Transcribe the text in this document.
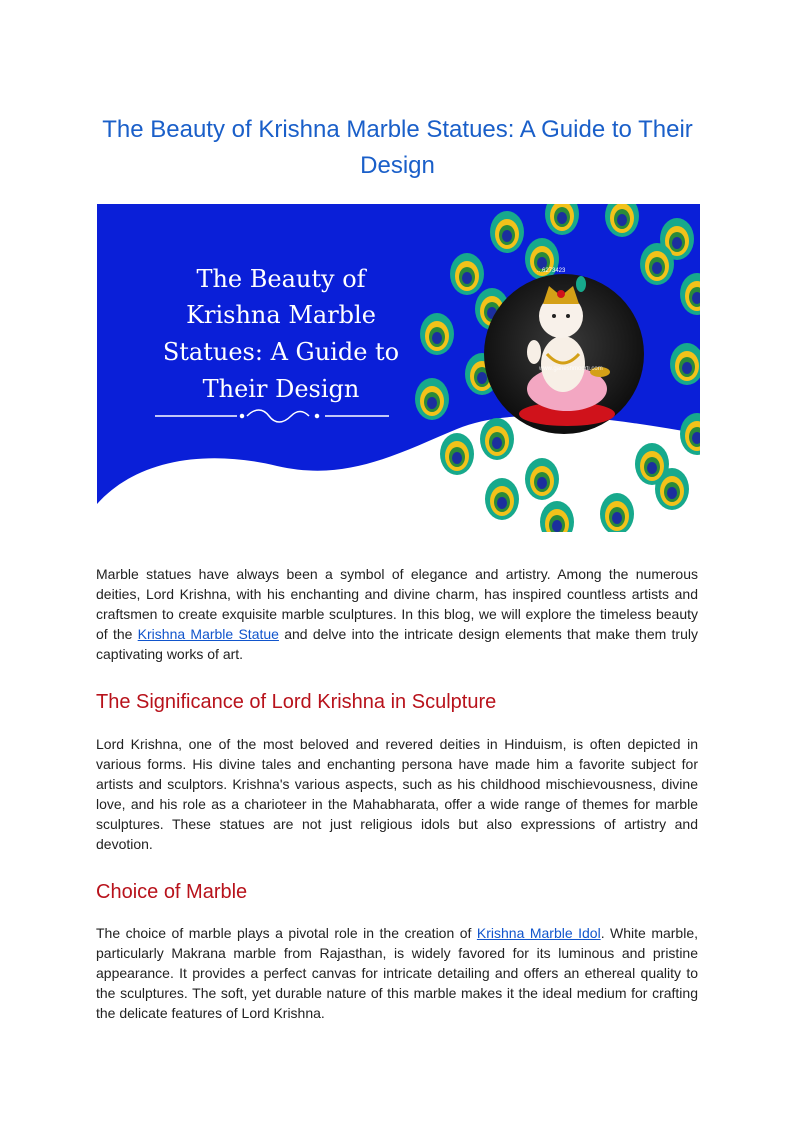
The Beauty of Krishna Marble Statues: A Guide to Their Design
The Beauty of
Krishna Marble
Statues: A Guide to
Their Design
...6273423
www.ganeshmoorti.com

Marble statues have always been a symbol of elegance and artistry. Among the numerous deities, Lord Krishna, with his enchanting and divine charm, has inspired countless artists and craftsmen to create exquisite marble sculptures. In this blog, we will explore the timeless beauty of the Krishna Marble Statue and delve into the intricate design elements that make them truly captivating works of art.

The Significance of Lord Krishna in Sculpture

Lord Krishna, one of the most beloved and revered deities in Hinduism, is often depicted in various forms. His divine tales and enchanting persona have made him a favorite subject for artists and sculptors. Krishna's various aspects, such as his childhood mischievousness, divine love, and his role as a charioteer in the Mahabharata, offer a wide range of themes for marble sculptures. These statues are not just religious idols but also expressions of artistry and devotion.

Choice of Marble

The choice of marble plays a pivotal role in the creation of Krishna Marble Idol. White marble, particularly Makrana marble from Rajasthan, is widely favored for its luminous and pristine appearance. It provides a perfect canvas for intricate detailing and offers an ethereal quality to the sculptures. The soft, yet durable nature of this marble makes it the ideal medium for crafting the delicate features of Lord Krishna.
